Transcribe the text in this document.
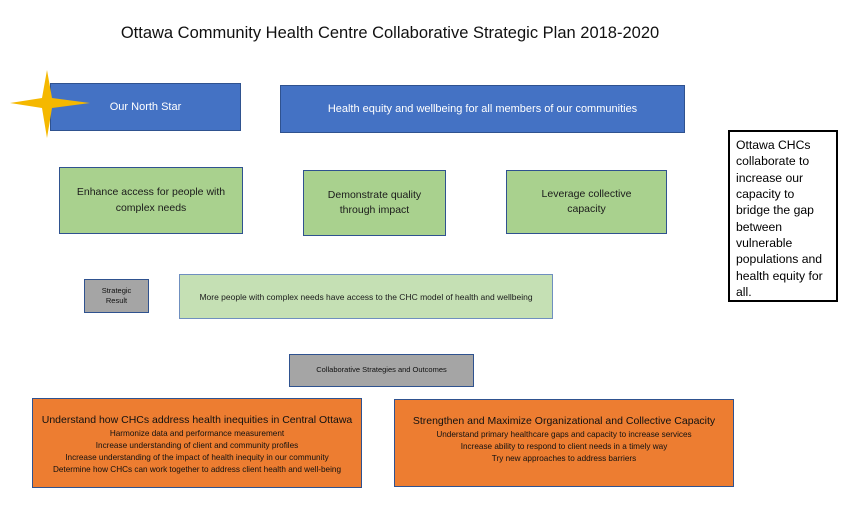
Ottawa Community Health Centre Collaborative Strategic Plan 2018-2020
Our North Star	Health equity and wellbeing for all members of our communities
Enhance access for people with complex needs
Demonstrate quality through impact
Leverage collective capacity
Strategic Result	More people with complex needs have access to the CHC model of health and wellbeing
Collaborative Strategies and Outcomes
Understand how CHCs address health inequities in Central Ottawa
Harmonize data and performance measurement
Increase understanding of client and community profiles
Increase understanding of the impact of health inequity in our community
Determine how CHCs can work together to address client health and well-being
Strengthen and Maximize Organizational and Collective Capacity
Understand primary healthcare gaps and capacity to increase services
Increase ability to respond to client needs in a timely way
Try new approaches to address barriers
Ottawa CHCs collaborate to increase our capacity to bridge the gap between vulnerable populations and health equity for all.
